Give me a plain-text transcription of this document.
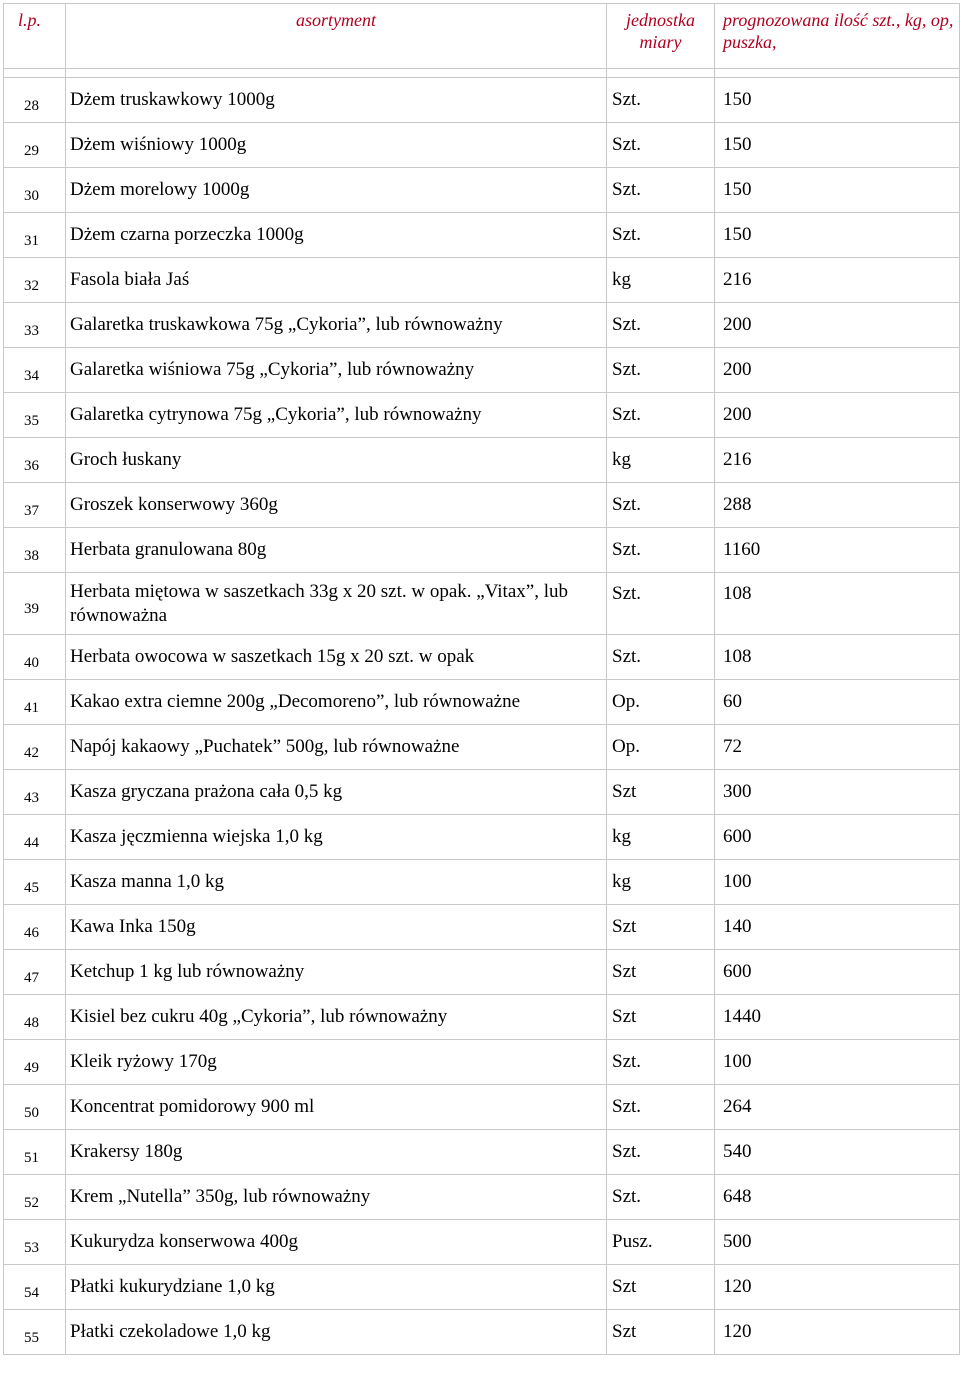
l.p.	asortyment	jednostka miary	prognozowana ilość szt., kg, op, puszka,

28	Dżem truskawkowy 1000g	Szt.	150
29	Dżem wiśniowy 1000g	Szt.	150
30	Dżem morelowy 1000g	Szt.	150
31	Dżem czarna porzeczka 1000g	Szt.	150
32	Fasola biała Jaś	kg	216
33	Galaretka truskawkowa 75g „Cykoria”, lub równoważny	Szt.	200
34	Galaretka wiśniowa 75g „Cykoria”, lub równoważny	Szt.	200
35	Galaretka cytrynowa 75g „Cykoria”, lub równoważny	Szt.	200
36	Groch łuskany	kg	216
37	Groszek konserwowy 360g	Szt.	288
38	Herbata granulowana 80g	Szt.	1160
39	Herbata miętowa w saszetkach 33g x 20 szt. w opak. „Vitax”, lub równoważna	Szt.	108
40	Herbata owocowa w saszetkach 15g x 20 szt. w opak	Szt.	108
41	Kakao extra ciemne 200g „Decomoreno”, lub równoważne	Op.	60
42	Napój kakaowy „Puchatek” 500g, lub równoważne	Op.	72
43	Kasza gryczana prażona cała 0,5 kg	Szt	300
44	Kasza jęczmienna wiejska 1,0 kg	kg	600
45	Kasza manna 1,0 kg	kg	100
46	Kawa Inka 150g	Szt	140
47	Ketchup 1 kg lub równoważny	Szt	600
48	Kisiel bez cukru 40g „Cykoria”, lub równoważny	Szt	1440
49	Kleik ryżowy 170g	Szt.	100
50	Koncentrat pomidorowy 900 ml	Szt.	264
51	Krakersy 180g	Szt.	540
52	Krem „Nutella” 350g, lub równoważny	Szt.	648
53	Kukurydza konserwowa 400g	Pusz.	500
54	Płatki kukurydziane 1,0 kg	Szt	120
55	Płatki czekoladowe 1,0 kg	Szt	120
